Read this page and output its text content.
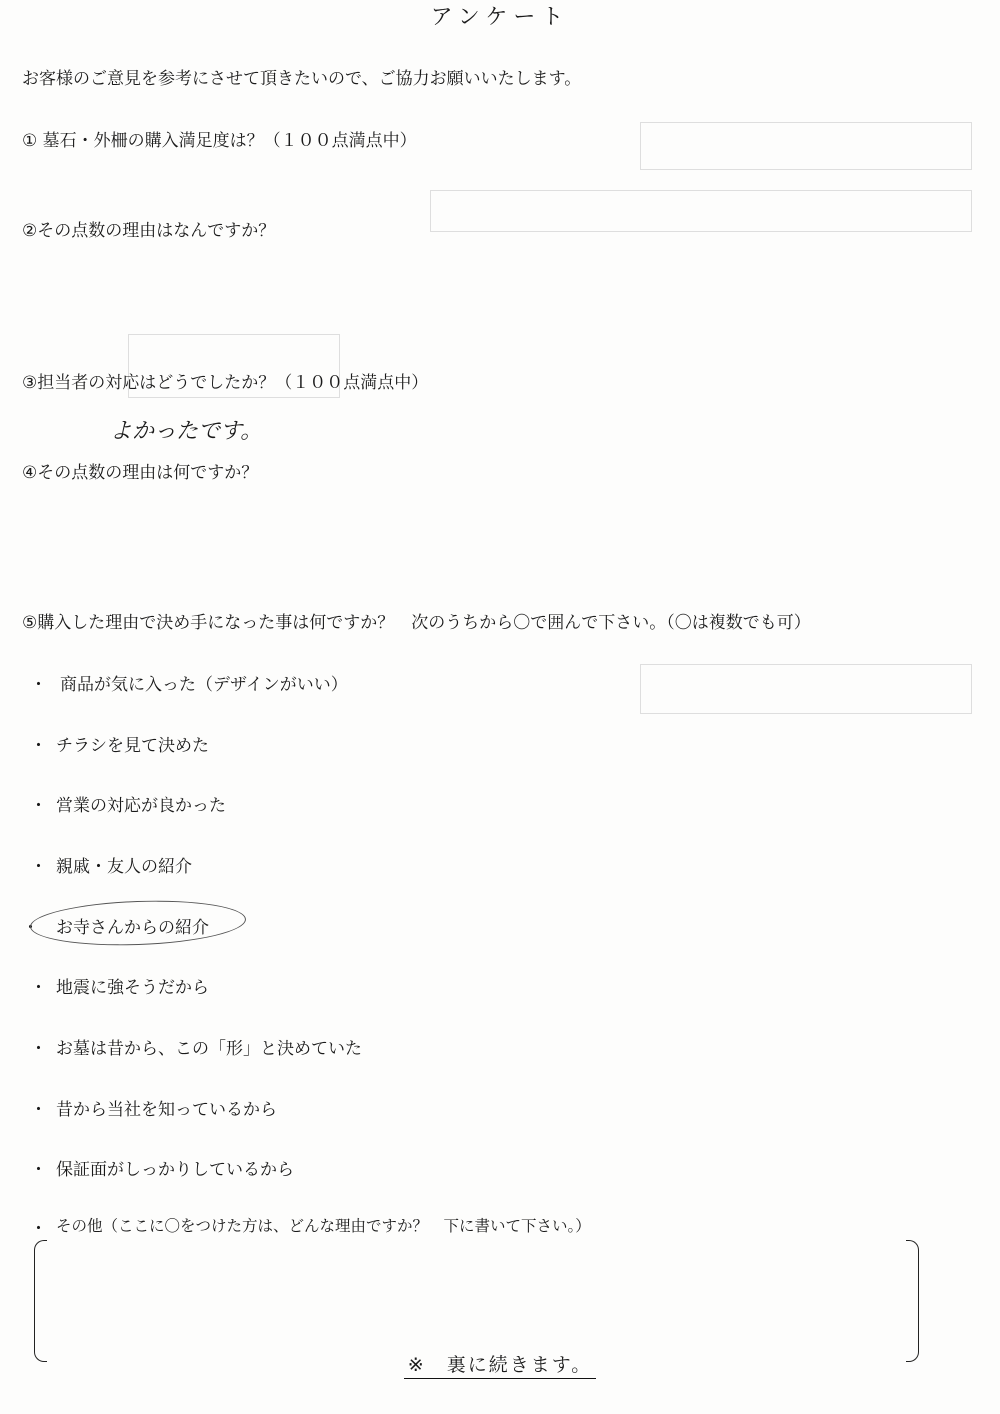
アンケート
お客様のご意見を参考にさせて頂きたいので、ご協力お願いいたします。
① 墓石・外柵の購入満足度は？（１００点満点中）
②その点数の理由はなんですか？
③担当者の対応はどうでしたか？（１００点満点中）
よかったです。
④その点数の理由は何ですか？
⑤購入した理由で決め手になった事は何ですか？　次のうちから〇で囲んで下さい。（〇は複数でも可）
・ 商品が気に入った（デザインがいい）
・ チラシを見て決めた
・ 営業の対応が良かった
・ 親戚・友人の紹介
・ お寺さんからの紹介
・ 地震に強そうだから
・ お墓は昔から、この「形」と決めていた
・ 昔から当社を知っているから
・ 保証面がしっかりしているから
・ その他（ここに〇をつけた方は、どんな理由ですか？　下に書いて下さい。）
※　裏に続きます。
